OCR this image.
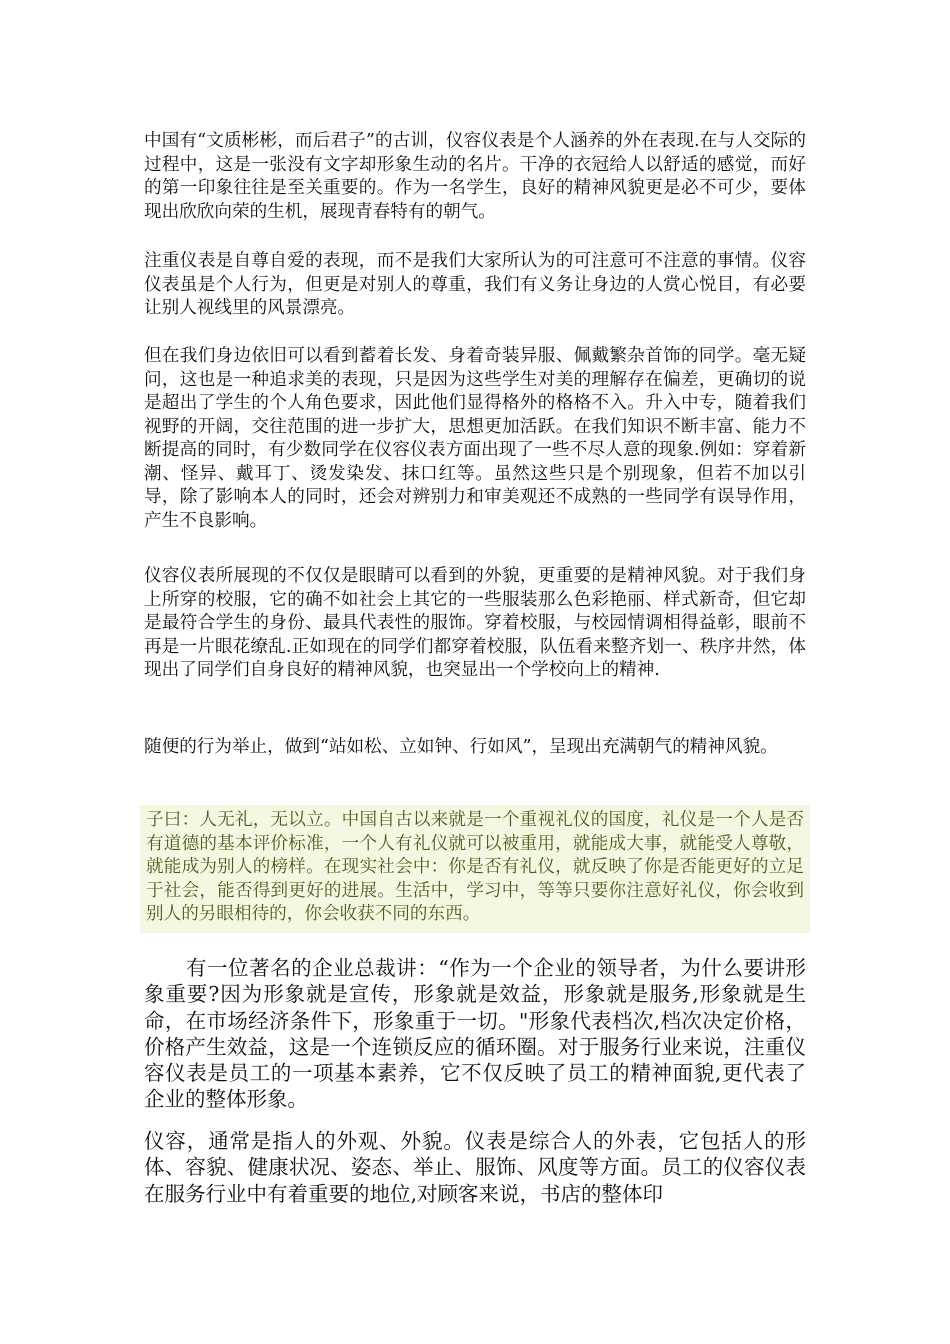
中国有“文质彬彬，而后君子”的古训，仪容仪表是个人涵养的外在表现.在与人交际的过程中，这是一张没有文字却形象生动的名片。干净的衣冠给人以舒适的感觉，而好的第一印象往往是至关重要的。作为一名学生，良好的精神风貌更是必不可少，要体现出欣欣向荣的生机，展现青春特有的朝气。

注重仪表是自尊自爱的表现，而不是我们大家所认为的可注意可不注意的事情。仪容仪表虽是个人行为，但更是对别人的尊重，我们有义务让身边的人赏心悦目，有必要让别人视线里的风景漂亮。

但在我们身边依旧可以看到蓄着长发、身着奇装异服、佩戴繁杂首饰的同学。毫无疑问，这也是一种追求美的表现，只是因为这些学生对美的理解存在偏差，更确切的说是超出了学生的个人角色要求，因此他们显得格外的格格不入。升入中专，随着我们视野的开阔，交往范围的进一步扩大，思想更加活跃。在我们知识不断丰富、能力不断提高的同时，有少数同学在仪容仪表方面出现了一些不尽人意的现象.例如：穿着新潮、怪异、戴耳丁、烫发染发、抹口红等。虽然这些只是个别现象，但若不加以引导，除了影响本人的同时，还会对辨别力和审美观还不成熟的一些同学有误导作用，产生不良影响。

仪容仪表所展现的不仅仅是眼睛可以看到的外貌，更重要的是精神风貌。对于我们身上所穿的校服，它的确不如社会上其它的一些服装那么色彩艳丽、样式新奇，但它却是最符合学生的身份、最具代表性的服饰。穿着校服，与校园情调相得益彰，眼前不再是一片眼花缭乱.正如现在的同学们都穿着校服，队伍看来整齐划一、秩序井然，体现出了同学们自身良好的精神风貌，也突显出一个学校向上的精神.

随便的行为举止，做到“站如松、立如钟、行如风”，呈现出充满朝气的精神风貌。

子曰：人无礼，无以立。中国自古以来就是一个重视礼仪的国度，礼仪是一个人是否有道德的基本评价标准，一个人有礼仪就可以被重用，就能成大事，就能受人尊敬，就能成为别人的榜样。在现实社会中：你是否有礼仪，就反映了你是否能更好的立足于社会，能否得到更好的进展。生活中，学习中，等等只要你注意好礼仪，你会收到别人的另眼相待的，你会收获不同的东西。

有一位著名的企业总裁讲：“作为一个企业的领导者，为什么要讲形象重要?因为形象就是宣传，形象就是效益，形象就是服务,形象就是生命，在市场经济条件下，形象重于一切。"形象代表档次,档次决定价格，价格产生效益，这是一个连锁反应的循环圈。对于服务行业来说，注重仪容仪表是员工的一项基本素养，它不仅反映了员工的精神面貌,更代表了企业的整体形象。

仪容，通常是指人的外观、外貌。仪表是综合人的外表，它包括人的形体、容貌、健康状况、姿态、举止、服饰、风度等方面。员工的仪容仪表在服务行业中有着重要的地位,对顾客来说，书店的整体印
